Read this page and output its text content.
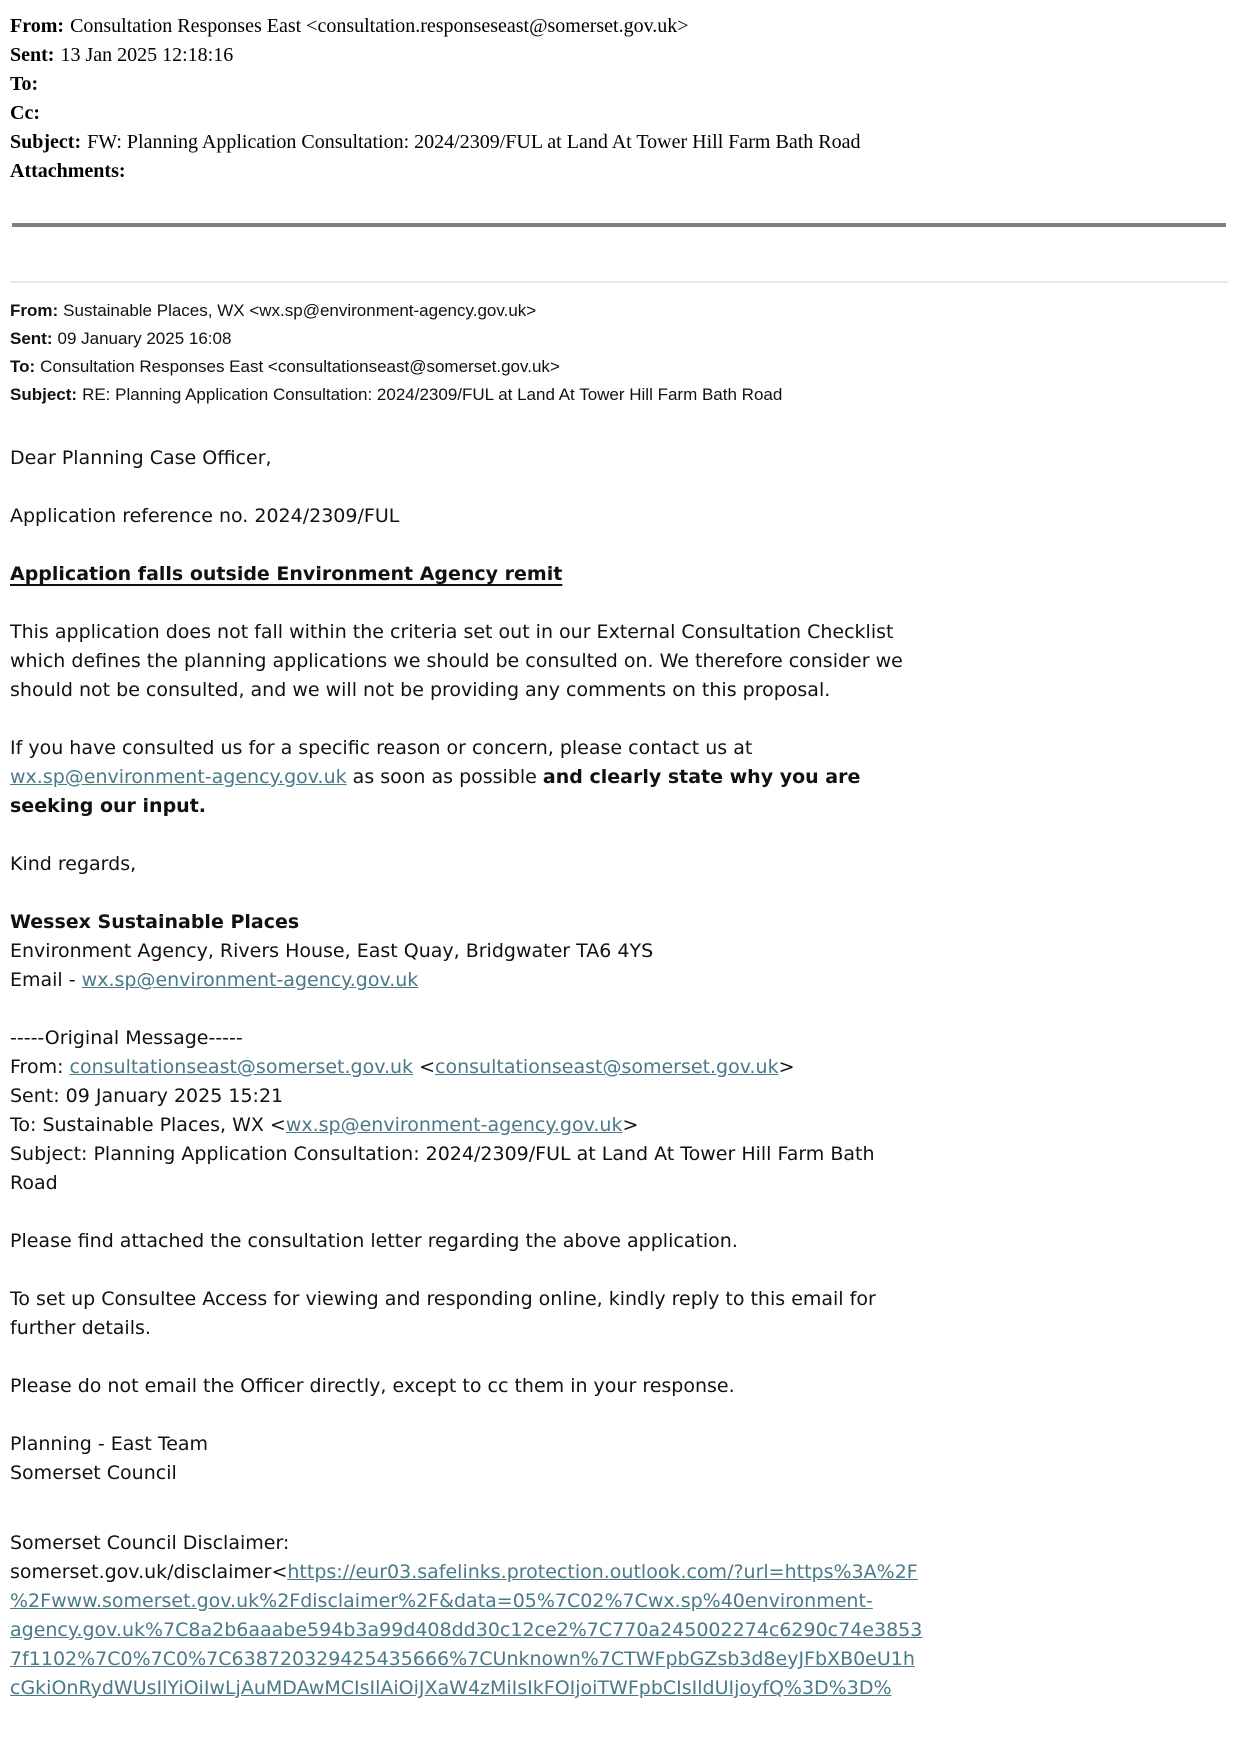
From: Consultation Responses East <consultation.responseseast@somerset.gov.uk>
Sent: 13 Jan 2025 12:18:16
To:
Cc:
Subject: FW: Planning Application Consultation: 2024/2309/FUL at Land At Tower Hill Farm Bath Road
Attachments:
From: Sustainable Places, WX <wx.sp@environment-agency.gov.uk>
Sent: 09 January 2025 16:08
To: Consultation Responses East <consultationseast@somerset.gov.uk>
Subject: RE: Planning Application Consultation: 2024/2309/FUL at Land At Tower Hill Farm Bath Road
Dear Planning Case Officer,
Application reference no. 2024/2309/FUL
Application falls outside Environment Agency remit
This application does not fall within the criteria set out in our External Consultation Checklist
which defines the planning applications we should be consulted on. We therefore consider we
should not be consulted, and we will not be providing any comments on this proposal.
If you have consulted us for a specific reason or concern, please contact us at
wx.sp@environment-agency.gov.uk as soon as possible and clearly state why you are
seeking our input.
Kind regards,
Wessex Sustainable Places
Environment Agency, Rivers House, East Quay, Bridgwater TA6 4YS
Email - wx.sp@environment-agency.gov.uk
-----Original Message-----
From: consultationseast@somerset.gov.uk <consultationseast@somerset.gov.uk>
Sent: 09 January 2025 15:21
To: Sustainable Places, WX <wx.sp@environment-agency.gov.uk>
Subject: Planning Application Consultation: 2024/2309/FUL at Land At Tower Hill Farm Bath
Road
Please find attached the consultation letter regarding the above application.
To set up Consultee Access for viewing and responding online, kindly reply to this email for
further details.
Please do not email the Officer directly, except to cc them in your response.
Planning - East Team
Somerset Council
Somerset Council Disclaimer:
somerset.gov.uk/disclaimer<https://eur03.safelinks.protection.outlook.com/?url=https%3A%2F
%2Fwww.somerset.gov.uk%2Fdisclaimer%2F&data=05%7C02%7Cwx.sp%40environment-
agency.gov.uk%7C8a2b6aaabe594b3a99d408dd30c12ce2%7C770a245002274c6290c74e3853
7f1102%7C0%7C0%7C638720329425435666%7CUnknown%7CTWFpbGZsb3d8eyJFbXB0eU1h
cGkiOnRydWUsIlYiOiIwLjAuMDAwMCIsIlAiOiJXaW4zMiIsIkFOIjoiTWFpbCIsIldUIjoyfQ%3D%3D%
